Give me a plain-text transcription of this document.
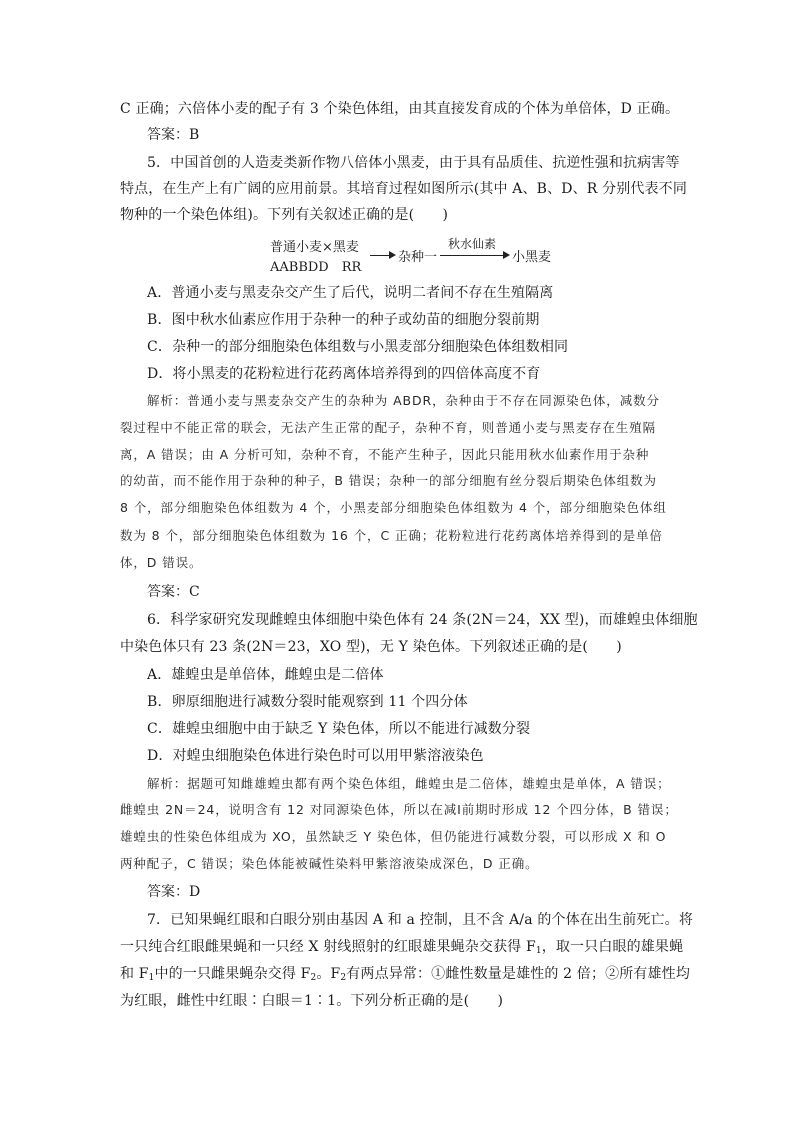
C 正确；六倍体小麦的配子有 3 个染色体组，由其直接发育成的个体为单倍体，D 正确。
答案：B
5．中国首创的人造麦类新作物八倍体小黑麦，由于具有品质佳、抗逆性强和抗病害等
特点，在生产上有广阔的应用前景。其培育过程如图所示(其中 A、B、D、R 分别代表不同
物种的一个染色体组)。下列有关叙述正确的是(　　)
普通小麦×黑麦
AABBDD　RR
杂种一
秋水仙素
小黑麦
A．普通小麦与黑麦杂交产生了后代，说明二者间不存在生殖隔离
B．图中秋水仙素应作用于杂种一的种子或幼苗的细胞分裂前期
C．杂种一的部分细胞染色体组数与小黑麦部分细胞染色体组数相同
D．将小黑麦的花粉粒进行花药离体培养得到的四倍体高度不育
解析：普通小麦与黑麦杂交产生的杂种为 ABDR，杂种由于不存在同源染色体，减数分
裂过程中不能正常的联会，无法产生正常的配子，杂种不育，则普通小麦与黑麦存在生殖隔
离，A 错误；由 A 分析可知，杂种不育，不能产生种子，因此只能用秋水仙素作用于杂种
的幼苗，而不能作用于杂种的种子，B 错误；杂种一的部分细胞有丝分裂后期染色体组数为
8 个，部分细胞染色体组数为 4 个，小黑麦部分细胞染色体组数为 4 个，部分细胞染色体组
数为 8 个，部分细胞染色体组数为 16 个，C 正确；花粉粒进行花药离体培养得到的是单倍
体，D 错误。
答案：C
6．科学家研究发现雌蝗虫体细胞中染色体有 24 条(2N＝24，XX 型)，而雄蝗虫体细胞
中染色体只有 23 条(2N＝23，XO 型)，无 Y 染色体。下列叙述正确的是(　　)
A．雄蝗虫是单倍体，雌蝗虫是二倍体
B．卵原细胞进行减数分裂时能观察到 11 个四分体
C．雄蝗虫细胞中由于缺乏 Y 染色体，所以不能进行减数分裂
D．对蝗虫细胞染色体进行染色时可以用甲紫溶液染色
解析：据题可知雌雄蝗虫都有两个染色体组，雌蝗虫是二倍体，雄蝗虫是单体，A 错误；
雌蝗虫 2N＝24，说明含有 12 对同源染色体，所以在减Ⅰ前期时形成 12 个四分体，B 错误；
雄蝗虫的性染色体组成为 XO，虽然缺乏 Y 染色体，但仍能进行减数分裂，可以形成 X 和 O
两种配子，C 错误；染色体能被碱性染料甲紫溶液染成深色，D 正确。
答案：D
7．已知果蝇红眼和白眼分别由基因 A 和 a 控制，且不含 A/a 的个体在出生前死亡。将
一只纯合红眼雌果蝇和一只经 X 射线照射的红眼雄果蝇杂交获得 $F_1$，取一只白眼的雄果蝇
和 $F_1$中的一只雌果蝇杂交得 $F_2$。$F_2$有两点异常：①雌性数量是雄性的 2 倍；②所有雄性均
为红眼，雌性中红眼∶白眼＝1∶1。下列分析正确的是(　　)
